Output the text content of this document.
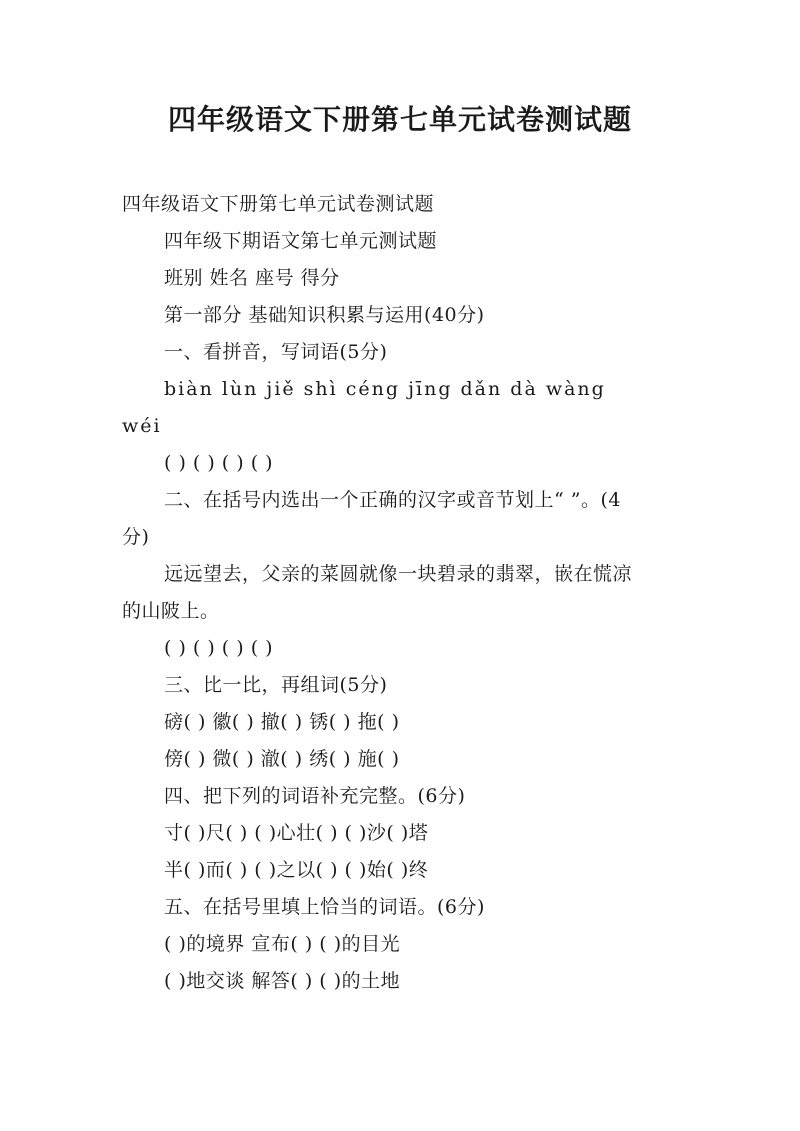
四年级语文下册第七单元试卷测试题
四年级语文下册第七单元试卷测试题
四年级下期语文第七单元测试题
班别 姓名 座号 得分
第一部分 基础知识积累与运用(40分)
一、看拼音，写词语(5分)
biàn lùn jiě shì céng jīng dǎn dà wàng
wéi
( ) ( ) ( ) ( )
二、在括号内选出一个正确的汉字或音节划上“ ”。(4
分)
远远望去，父亲的菜圆就像一块碧录的翡翠，嵌在慌凉
的山陂上。
( ) ( ) ( ) ( )
三、比一比，再组词(5分)
磅( ) 徽( ) 撤( ) 锈( ) 拖( )
傍( ) 微( ) 澈( ) 绣( ) 施( )
四、把下列的词语补充完整。(6分)
寸( )尺( ) ( )心壮( ) ( )沙( )塔
半( )而( ) ( )之以( ) ( )始( )终
五、在括号里填上恰当的词语。(6分)
( )的境界 宣布( ) ( )的目光
( )地交谈 解答( ) ( )的土地
